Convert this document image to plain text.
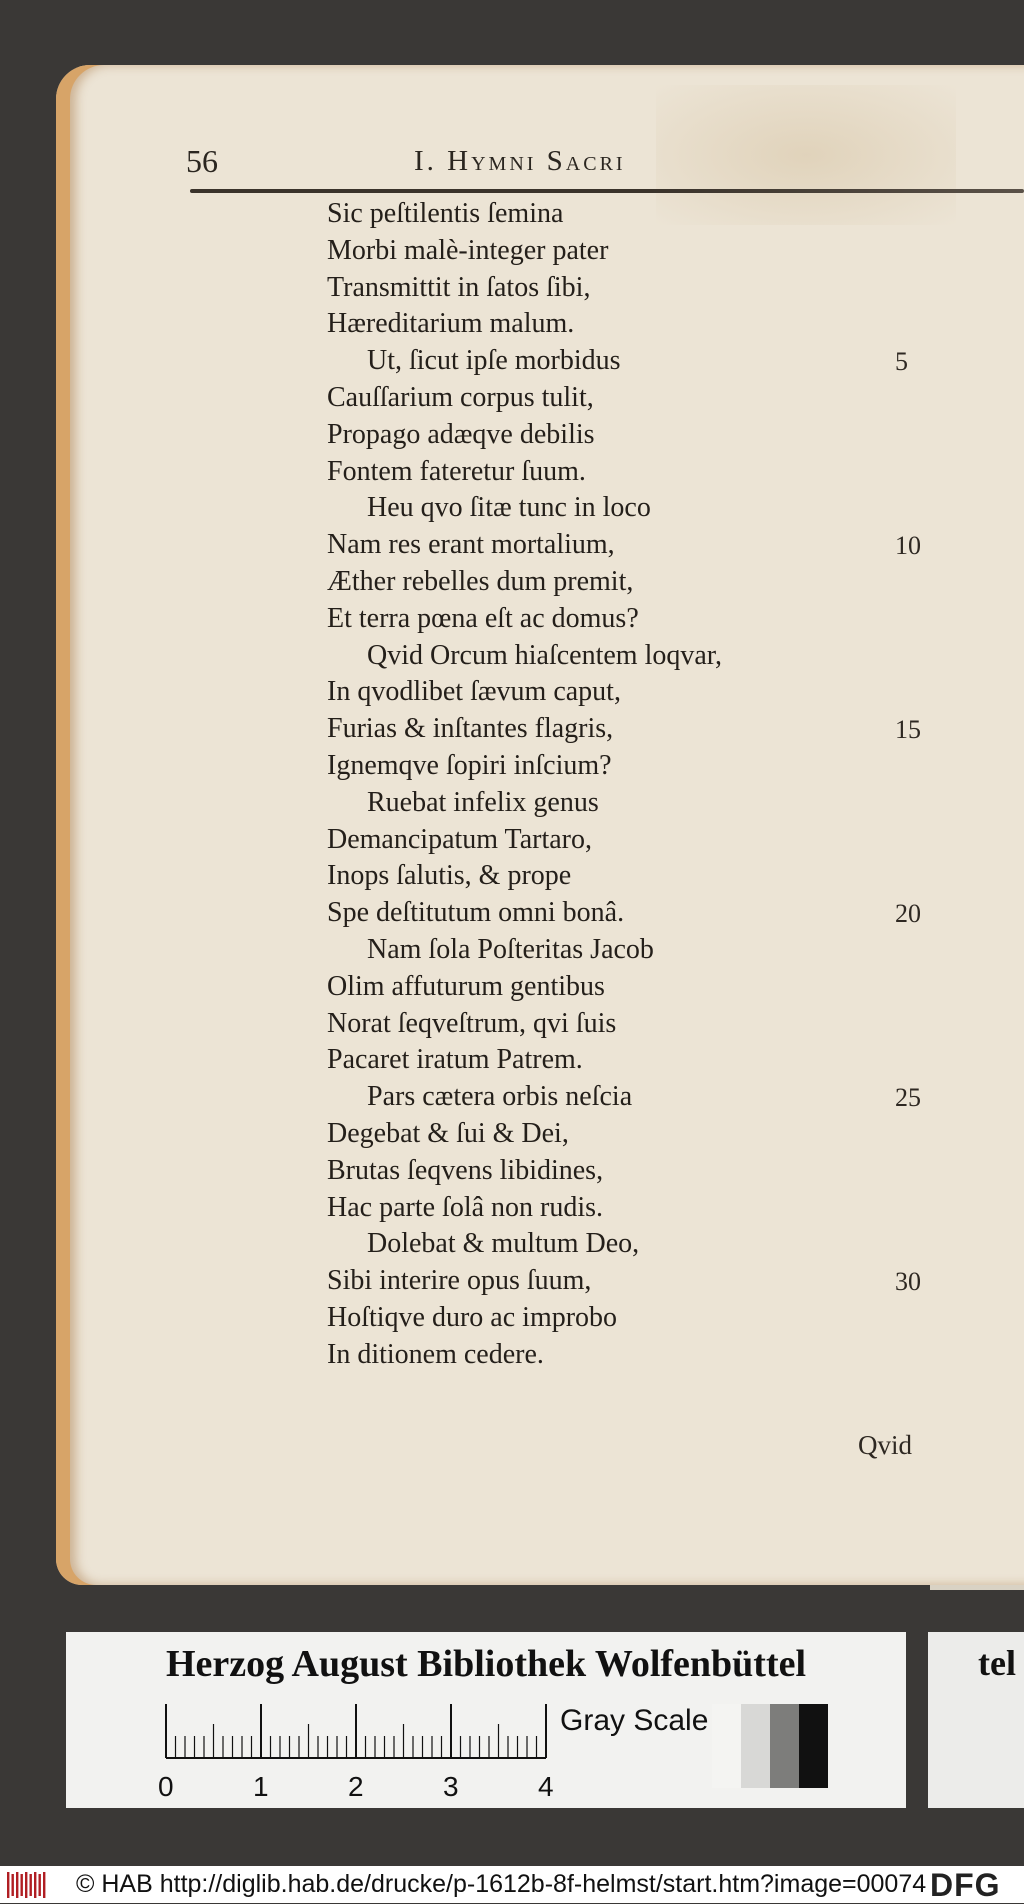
56	I. Hymni Sacri
Sic peſtilentis ſemina
Morbi malè-integer pater
Transmittit in ſatos ſibi,
Hæreditarium malum.
Ut, ſicut ipſe morbidus
Cauſſarium corpus tulit,
Propago adæqve debilis
Fontem fateretur ſuum.
Heu qvo ſitæ tunc in loco
Nam res erant mortalium,
Æther rebelles dum premit,
Et terra pœna eſt ac domus?
Qvid Orcum hiaſcentem loqvar,
In qvodlibet ſævum caput,
Furias & inſtantes flagris,
Ignemqve ſopiri inſcium?
Ruebat infelix genus
Demancipatum Tartaro,
Inops ſalutis, & prope
Spe deſtitutum omni bonâ.
Nam ſola Poſteritas Jacob
Olim affuturum gentibus
Norat ſeqveſtrum, qvi ſuis
Pacaret iratum Patrem.
Pars cætera orbis neſcia
Degebat & ſui & Dei,
Brutas ſeqvens libidines,
Hac parte ſolâ non rudis.
Dolebat & multum Deo,
Sibi interire opus ſuum,
Hoſtiqve duro ac improbo
In ditionem cedere.
5
10
15
20
25
30
Qvid
Herzog August Bibliothek Wolfenbüttel
0	1	2	3	4
Gray Scale
tel
© HAB http://diglib.hab.de/drucke/p-1612b-8f-helmst/start.htm?image=00074 DFG
